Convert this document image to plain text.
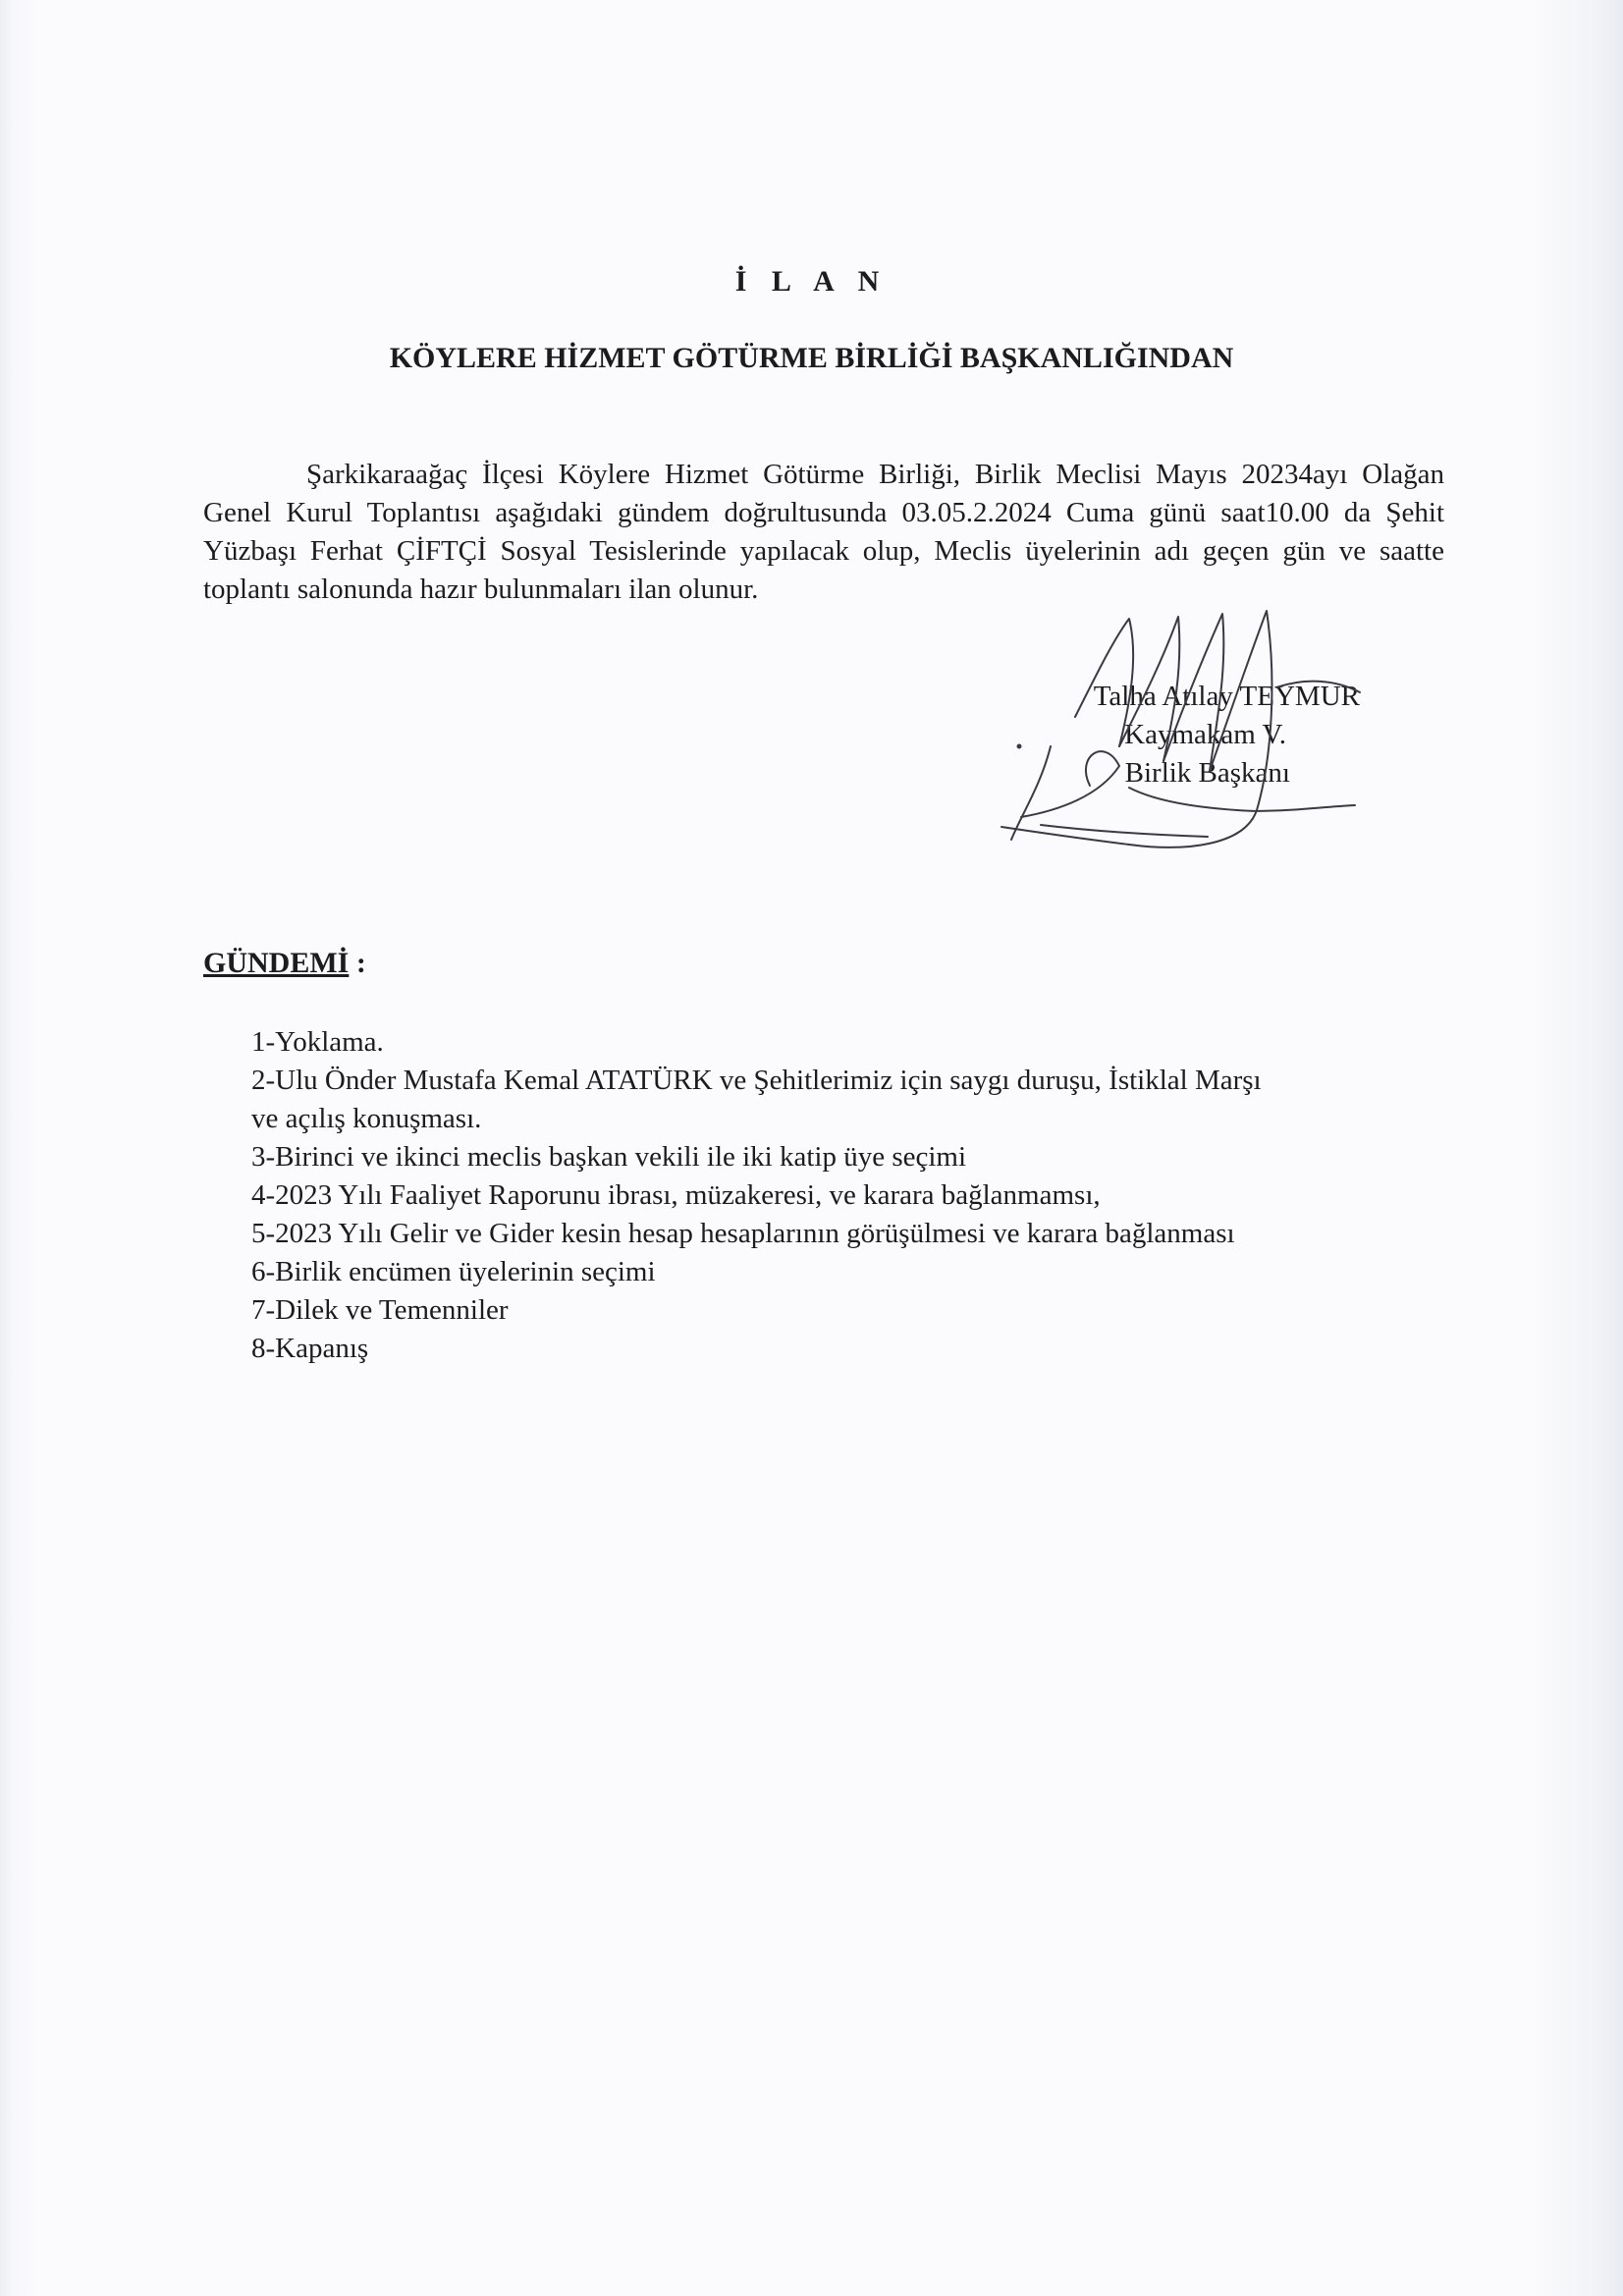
İ L A N
KÖYLERE HİZMET GÖTÜRME BİRLİĞİ BAŞKANLIĞINDAN

Şarkikaraağaç İlçesi Köylere Hizmet Götürme Birliği, Birlik Meclisi Mayıs 20234ayı Olağan Genel Kurul Toplantısı aşağıdaki gündem doğrultusunda 03.05.2.2024 Cuma günü saat10.00 da Şehit Yüzbaşı Ferhat ÇİFTÇİ Sosyal Tesislerinde yapılacak olup, Meclis üyelerinin adı geçen gün ve saatte toplantı salonunda hazır bulunmaları ilan olunur.

Talha Atılay TEYMUR
Kaymakam V.
Birlik Başkanı
GÜNDEMİ :
1-Yoklama.
2-Ulu Önder Mustafa Kemal ATATÜRK ve Şehitlerimiz için saygı duruşu, İstiklal Marşı
ve açılış konuşması.
3-Birinci ve ikinci meclis başkan vekili ile iki katip üye seçimi
4-2023 Yılı Faaliyet Raporunu ibrası, müzakeresi, ve karara bağlanmamsı,
5-2023 Yılı Gelir ve Gider kesin hesap hesaplarının görüşülmesi ve karara bağlanması
6-Birlik encümen üyelerinin seçimi
7-Dilek ve Temenniler
8-Kapanış
